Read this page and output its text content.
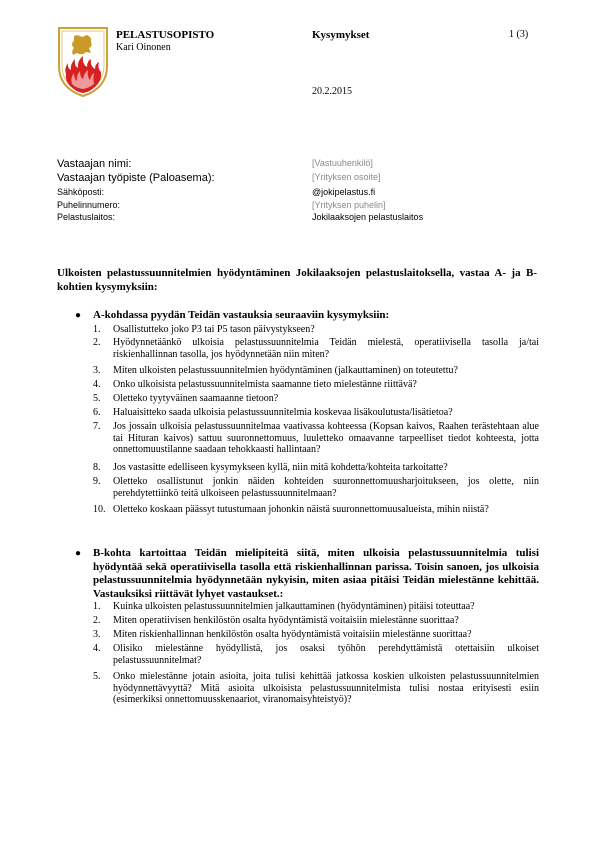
PELASTUSOPISTO
Kari Oinonen
Kysymykset	1 (3)
20.2.2015
Vastaajan nimi:	[Vastuuhenkilö]
Vastaajan työpiste (Paloasema):	[Yrityksen osoite]
Sähköposti:	@jokipelastus.fi
Puhelinnumero:	[Yrityksen puhelin]
Pelastuslaitos:	Jokilaaksojen pelastuslaitos
Ulkoisten pelastussuunnitelmien hyödyntäminen Jokilaaksojen pelastuslaitoksella, vastaa A- ja B-kohtien kysymyksiin:
● A-kohdassa pyydän Teidän vastauksia seuraaviin kysymyksiin:
1.	Osallistutteko joko P3 tai P5 tason päivystykseen?
2.	Hyödynnetäänkö ulkoisia pelastussuunnitelmia Teidän mielestä, operatiivisella tasolla ja/tai riskienhallinnan tasolla, jos hyödynnetään niin miten?
3.	Miten ulkoisten pelastussuunnitelmien hyödyntäminen (jalkauttaminen) on toteutettu?
4.	Onko ulkoisista pelastussuunnitelmista saamanne tieto mielestänne riittävä?
5.	Oletteko tyytyväinen saamaanne tietoon?
6.	Haluaisitteko saada ulkoisia pelastussuunnitelmia koskevaa lisäkoulutusta/lisätietoa?
7.	Jos jossain ulkoisia pelastussuunnitelmaa vaativassa kohteessa (Kopsan kaivos, Raahen terästehtaan alue tai Hituran kaivos) sattuu suuronnettomuus, luuletteko omaavanne tarpeelliset tiedot kohteesta, jotta onnettomuustilanne saadaan tehokkaasti hallintaan?
8.	Jos vastasitte edelliseen kysymykseen kyllä, niin mitä kohdetta/kohteita tarkoitatte?
9.	Oletteko osallistunut jonkin näiden kohteiden suuronnettomuusharjoitukseen, jos olette, niin perehdytettiinkö teitä ulkoiseen pelastussuunnitelmaan?
10. Oletteko koskaan päässyt tutustumaan johonkin näistä suuronnettomuusalueista, mihin niistä?
● B-kohta kartoittaa Teidän mielipiteitä siitä, miten ulkoisia pelastussuunnitelmia tulisi hyödyntää sekä operatiivisella tasolla että riskienhallinnan parissa. Toisin sanoen, jos ulkoisia pelastussuunnitelmia hyödynnetään nykyisin, miten asiaa pitäisi Teidän mielestänne kehittää. Vastauksiksi riittävät lyhyet vastaukset.:
1.	Kuinka ulkoisten pelastussuunnitelmien jalkauttaminen (hyödyntäminen) pitäisi toteuttaa?
2.	Miten operatiivisen henkilöstön osalta hyödyntämistä voitaisiin mielestänne suorittaa?
3.	Miten riskienhallinnan henkilöstön osalta hyödyntämistä voitaisiin mielestänne suorittaa?
4.	Olisiko mielestänne hyödyllistä, jos osaksi työhön perehdyttämistä otettaisiin ulkoiset pelastussuunnitelmat?
5.	Onko mielestänne jotain asioita, joita tulisi kehittää jatkossa koskien ulkoisten pelastussuunnitelmien hyödynnettävyyttä? Mitä asioita ulkoisista pelastussuunnitelmista tulisi nostaa erityisesti esiin (esimerkiksi onnettomuusskenaariot, viranomaisyhteistyö)?
